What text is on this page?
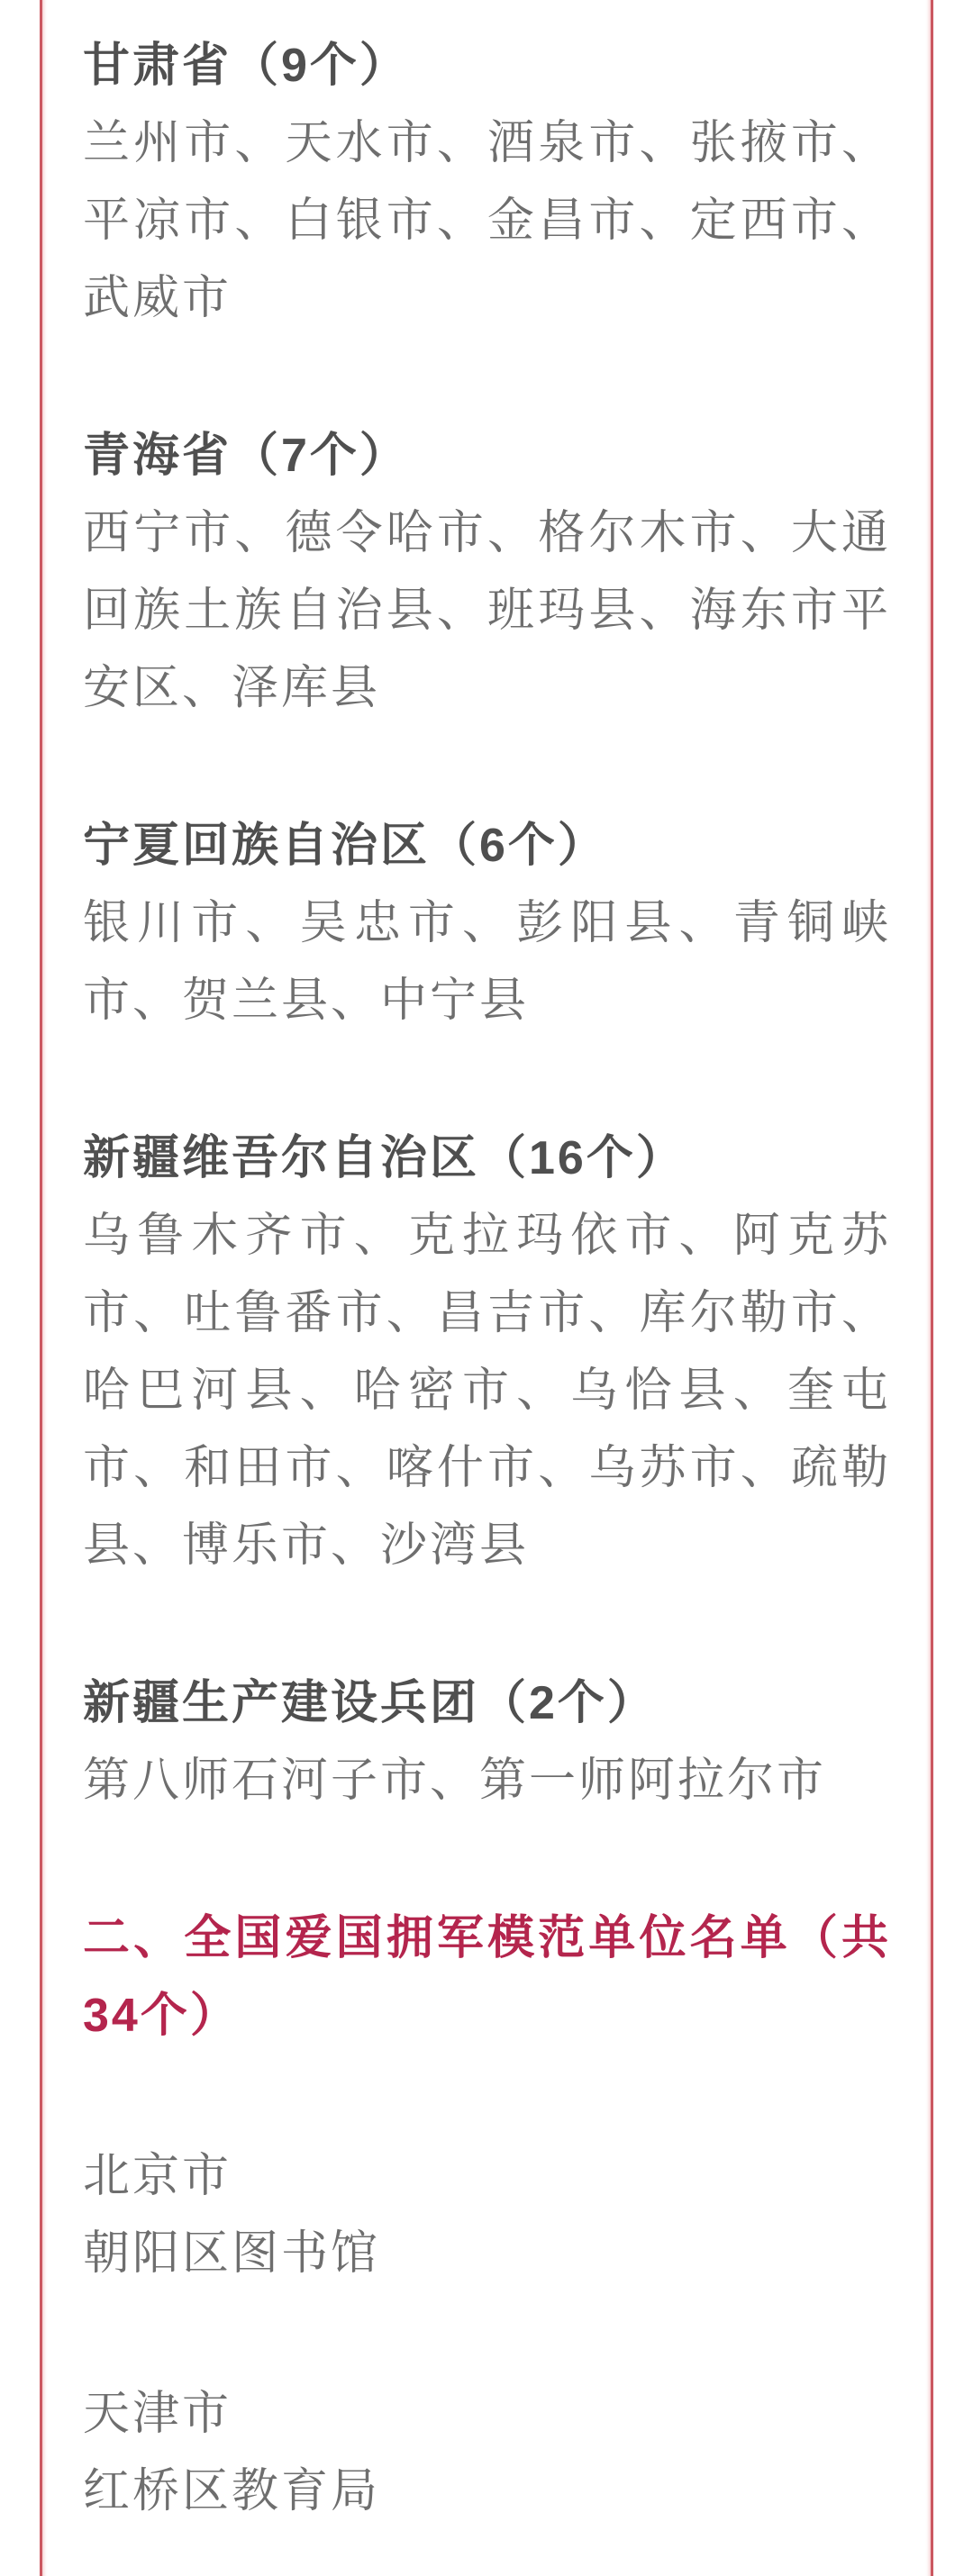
甘肃省（9个）
兰州市、天水市、酒泉市、张掖市、平凉市、白银市、金昌市、定西市、武威市
青海省（7个）
西宁市、德令哈市、格尔木市、大通回族土族自治县、班玛县、海东市平安区、泽库县
宁夏回族自治区（6个）
银川市、吴忠市、彭阳县、青铜峡市、贺兰县、中宁县
新疆维吾尔自治区（16个）
乌鲁木齐市、克拉玛依市、阿克苏市、吐鲁番市、昌吉市、库尔勒市、哈巴河县、哈密市、乌恰县、奎屯市、和田市、喀什市、乌苏市、疏勒县、博乐市、沙湾县
新疆生产建设兵团（2个）
第八师石河子市、第一师阿拉尔市
二、全国爱国拥军模范单位名单（共34个）
北京市
朝阳区图书馆
天津市
红桥区教育局
